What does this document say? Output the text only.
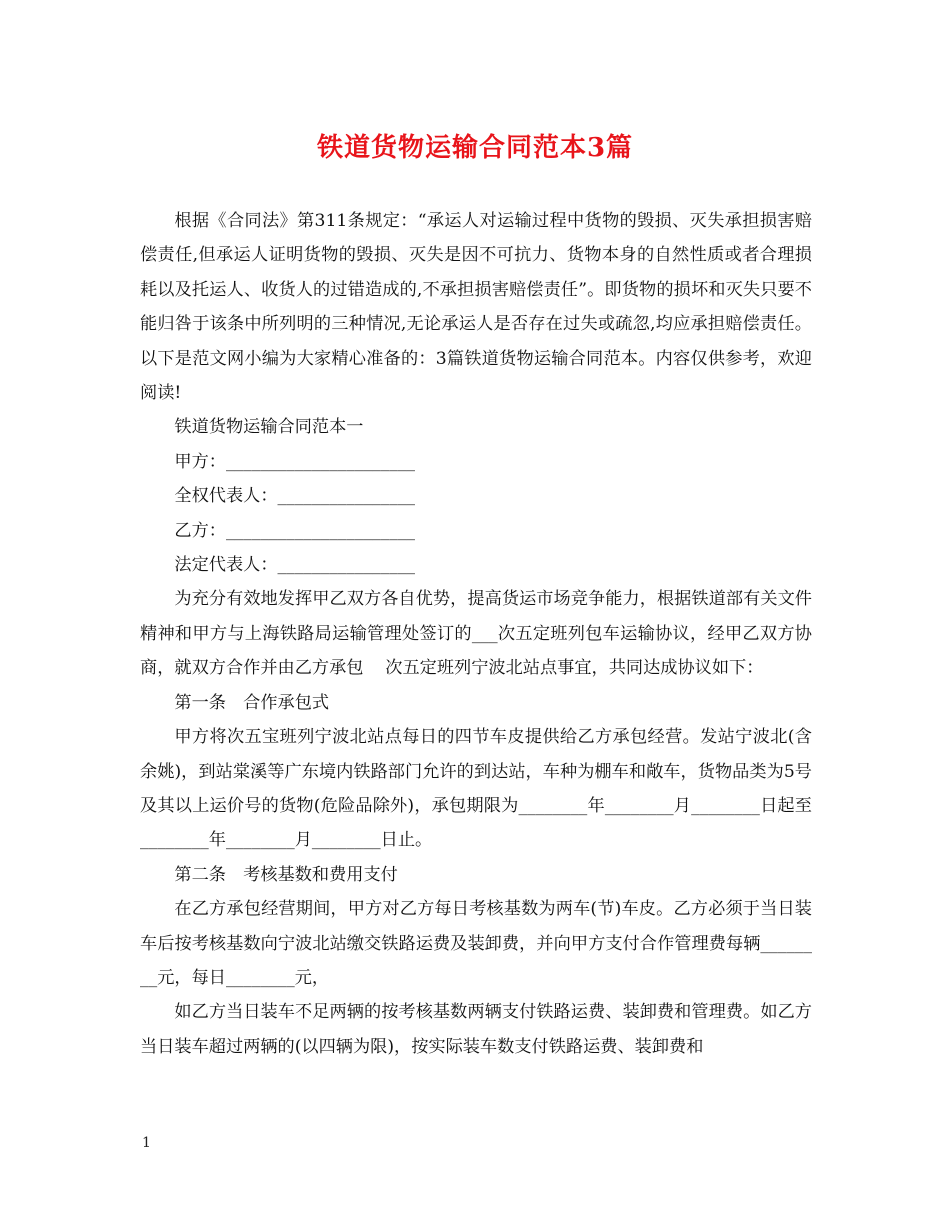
铁道货物运输合同范本3篇

根据《合同法》第311条规定：“承运人对运输过程中货物的毁损、灭失承担损害赔偿责任,但承运人证明货物的毁损、灭失是因不可抗力、货物本身的自然性质或者合理损耗以及托运人、收货人的过错造成的,不承担损害赔偿责任”。即货物的损坏和灭失只要不能归咎于该条中所列明的三种情况,无论承运人是否存在过失或疏忽,均应承担赔偿责任。以下是范文网小编为大家精心准备的：3篇铁道货物运输合同范本。内容仅供参考，欢迎阅读!

铁道货物运输合同范本一

甲方：______________________

全权代表人：________________

乙方：______________________

法定代表人：________________

为充分有效地发挥甲乙双方各自优势，提高货运市场竞争能力，根据铁道部有关文件精神和甲方与上海铁路局运输管理处签订的___次五定班列包车运输协议，经甲乙双方协商，就双方合作并由乙方承包    次五定班列宁波北站点事宜，共同达成协议如下：

第一条　合作承包式

甲方将次五宝班列宁波北站点每日的四节车皮提供给乙方承包经营。发站宁波北(含余姚)，到站棠溪等广东境内铁路部门允许的到达站，车种为棚车和敞车，货物品类为5号及其以上运价号的货物(危险品除外)，承包期限为________年________月________日起至________年________月________日止。

第二条　考核基数和费用支付

在乙方承包经营期间，甲方对乙方每日考核基数为两车(节)车皮。乙方必须于当日装车后按考核基数向宁波北站缴交铁路运费及装卸费，并向甲方支付合作管理费每辆________元，每日________元，

如乙方当日装车不足两辆的按考核基数两辆支付铁路运费、装卸费和管理费。如乙方当日装车超过两辆的(以四辆为限)，按实际装车数支付铁路运费、装卸费和

1
